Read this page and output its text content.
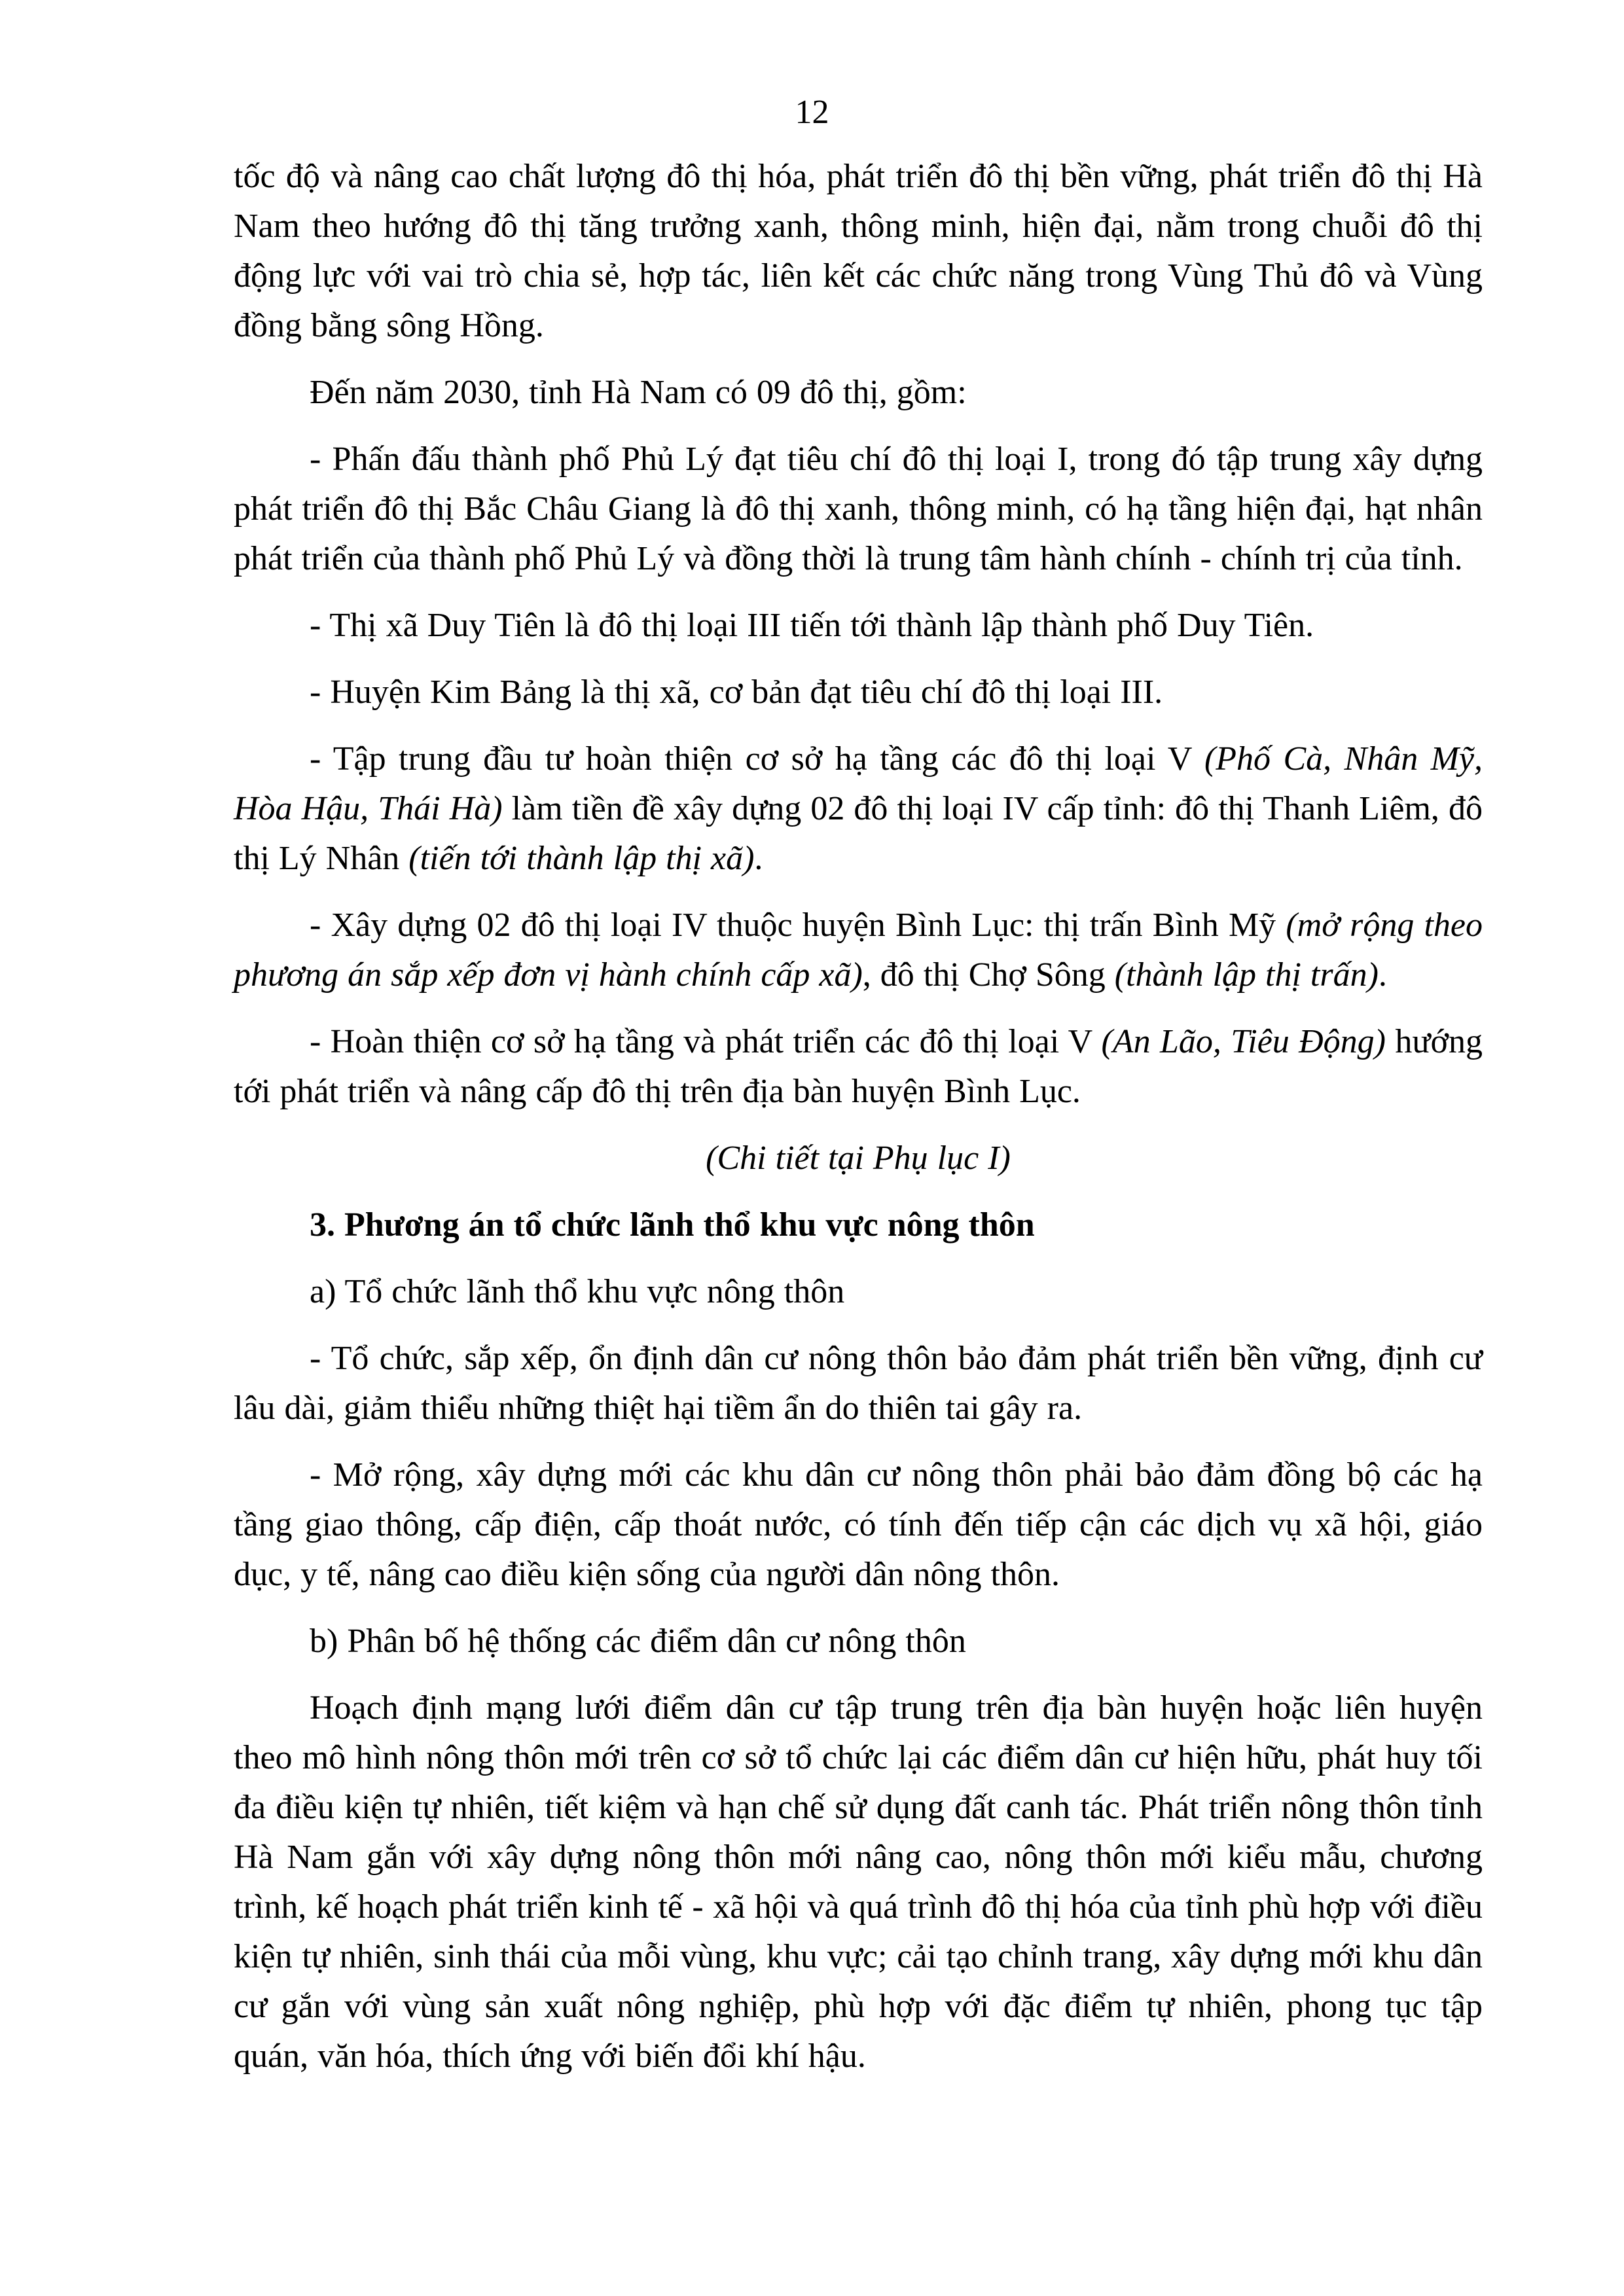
12

tốc độ và nâng cao chất lượng đô thị hóa, phát triển đô thị bền vững, phát triển đô thị Hà Nam theo hướng đô thị tăng trưởng xanh, thông minh, hiện đại, nằm trong chuỗi đô thị động lực với vai trò chia sẻ, hợp tác, liên kết các chức năng trong Vùng Thủ đô và Vùng đồng bằng sông Hồng.

Đến năm 2030, tỉnh Hà Nam có 09 đô thị, gồm:

- Phấn đấu thành phố Phủ Lý đạt tiêu chí đô thị loại I, trong đó tập trung xây dựng phát triển đô thị Bắc Châu Giang là đô thị xanh, thông minh, có hạ tầng hiện đại, hạt nhân phát triển của thành phố Phủ Lý và đồng thời là trung tâm hành chính - chính trị của tỉnh.

- Thị xã Duy Tiên là đô thị loại III tiến tới thành lập thành phố Duy Tiên.

- Huyện Kim Bảng là thị xã, cơ bản đạt tiêu chí đô thị loại III.

- Tập trung đầu tư hoàn thiện cơ sở hạ tầng các đô thị loại V (Phố Cà, Nhân Mỹ, Hòa Hậu, Thái Hà) làm tiền đề xây dựng 02 đô thị loại IV cấp tỉnh: đô thị Thanh Liêm, đô thị Lý Nhân (tiến tới thành lập thị xã).

- Xây dựng 02 đô thị loại IV thuộc huyện Bình Lục: thị trấn Bình Mỹ (mở rộng theo phương án sắp xếp đơn vị hành chính cấp xã), đô thị Chợ Sông (thành lập thị trấn).

- Hoàn thiện cơ sở hạ tầng và phát triển các đô thị loại V (An Lão, Tiêu Động) hướng tới phát triển và nâng cấp đô thị trên địa bàn huyện Bình Lục.

(Chi tiết tại Phụ lục I)

3. Phương án tổ chức lãnh thổ khu vực nông thôn

a) Tổ chức lãnh thổ khu vực nông thôn

- Tổ chức, sắp xếp, ổn định dân cư nông thôn bảo đảm phát triển bền vững, định cư lâu dài, giảm thiểu những thiệt hại tiềm ẩn do thiên tai gây ra.

- Mở rộng, xây dựng mới các khu dân cư nông thôn phải bảo đảm đồng bộ các hạ tầng giao thông, cấp điện, cấp thoát nước, có tính đến tiếp cận các dịch vụ xã hội, giáo dục, y tế, nâng cao điều kiện sống của người dân nông thôn.

b) Phân bố hệ thống các điểm dân cư nông thôn

Hoạch định mạng lưới điểm dân cư tập trung trên địa bàn huyện hoặc liên huyện theo mô hình nông thôn mới trên cơ sở tổ chức lại các điểm dân cư hiện hữu, phát huy tối đa điều kiện tự nhiên, tiết kiệm và hạn chế sử dụng đất canh tác. Phát triển nông thôn tỉnh Hà Nam gắn với xây dựng nông thôn mới nâng cao, nông thôn mới kiểu mẫu, chương trình, kế hoạch phát triển kinh tế - xã hội và quá trình đô thị hóa của tỉnh phù hợp với điều kiện tự nhiên, sinh thái của mỗi vùng, khu vực; cải tạo chỉnh trang, xây dựng mới khu dân cư gắn với vùng sản xuất nông nghiệp, phù hợp với đặc điểm tự nhiên, phong tục tập quán, văn hóa, thích ứng với biến đổi khí hậu.
